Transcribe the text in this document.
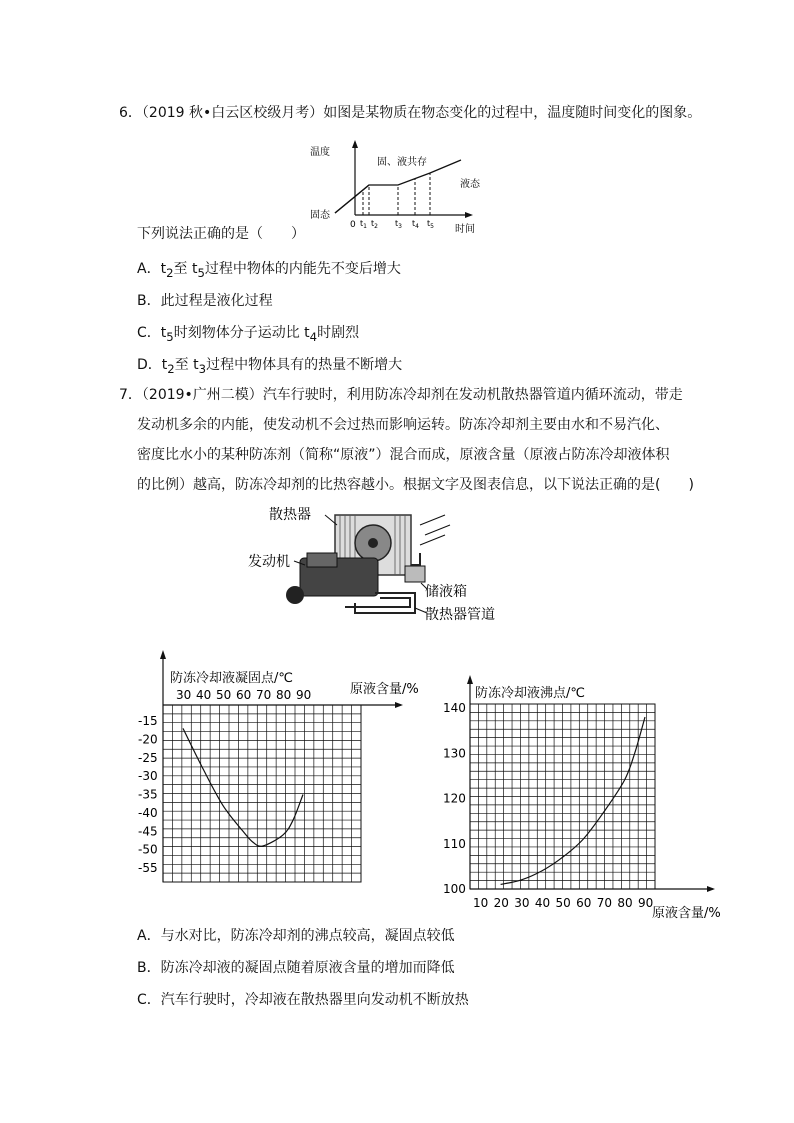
6．（2019 秋•白云区校级月考）如图是某物质在物态变化的过程中，温度随时间变化的图象。
温度
时间
0
固态
固、液共存
液态
$t_1$ $t_2$ $t_3$ $t_4$ $t_5$
下列说法正确的是（　　）
A．$t_2$至 $t_5$过程中物体的内能先不变后增大
B．此过程是液化过程
C．$t_5$时刻物体分子运动比 $t_4$时剧烈
D．$t_2$至 $t_3$过程中物体具有的热量不断增大
7．（2019•广州二模）汽车行驶时，利用防冻冷却剂在发动机散热器管道内循环流动，带走
发动机多余的内能，使发动机不会过热而影响运转。防冻冷却剂主要由水和不易汽化、
密度比水小的某种防冻剂（简称“原液”）混合而成，原液含量（原液占防冻冷却液体积
的比例）越高，防冻冷却剂的比热容越小。根据文字及图表信息，以下说法正确的是(　　)
散热器
发动机
储液箱
散热器管道
防冻冷却液凝固点/℃
原液含量/%
30 40 50 60 70 80 90
-15
-20
-25
-30
-35
-40
-45
-50
-55
防冻冷却液沸点/℃
原液含量/%
10 20 30 40 50 60 70 80 90
100
110
120
130
140
A．与水对比，防冻冷却剂的沸点较高，凝固点较低
B．防冻冷却液的凝固点随着原液含量的增加而降低
C．汽车行驶时，冷却液在散热器里向发动机不断放热
